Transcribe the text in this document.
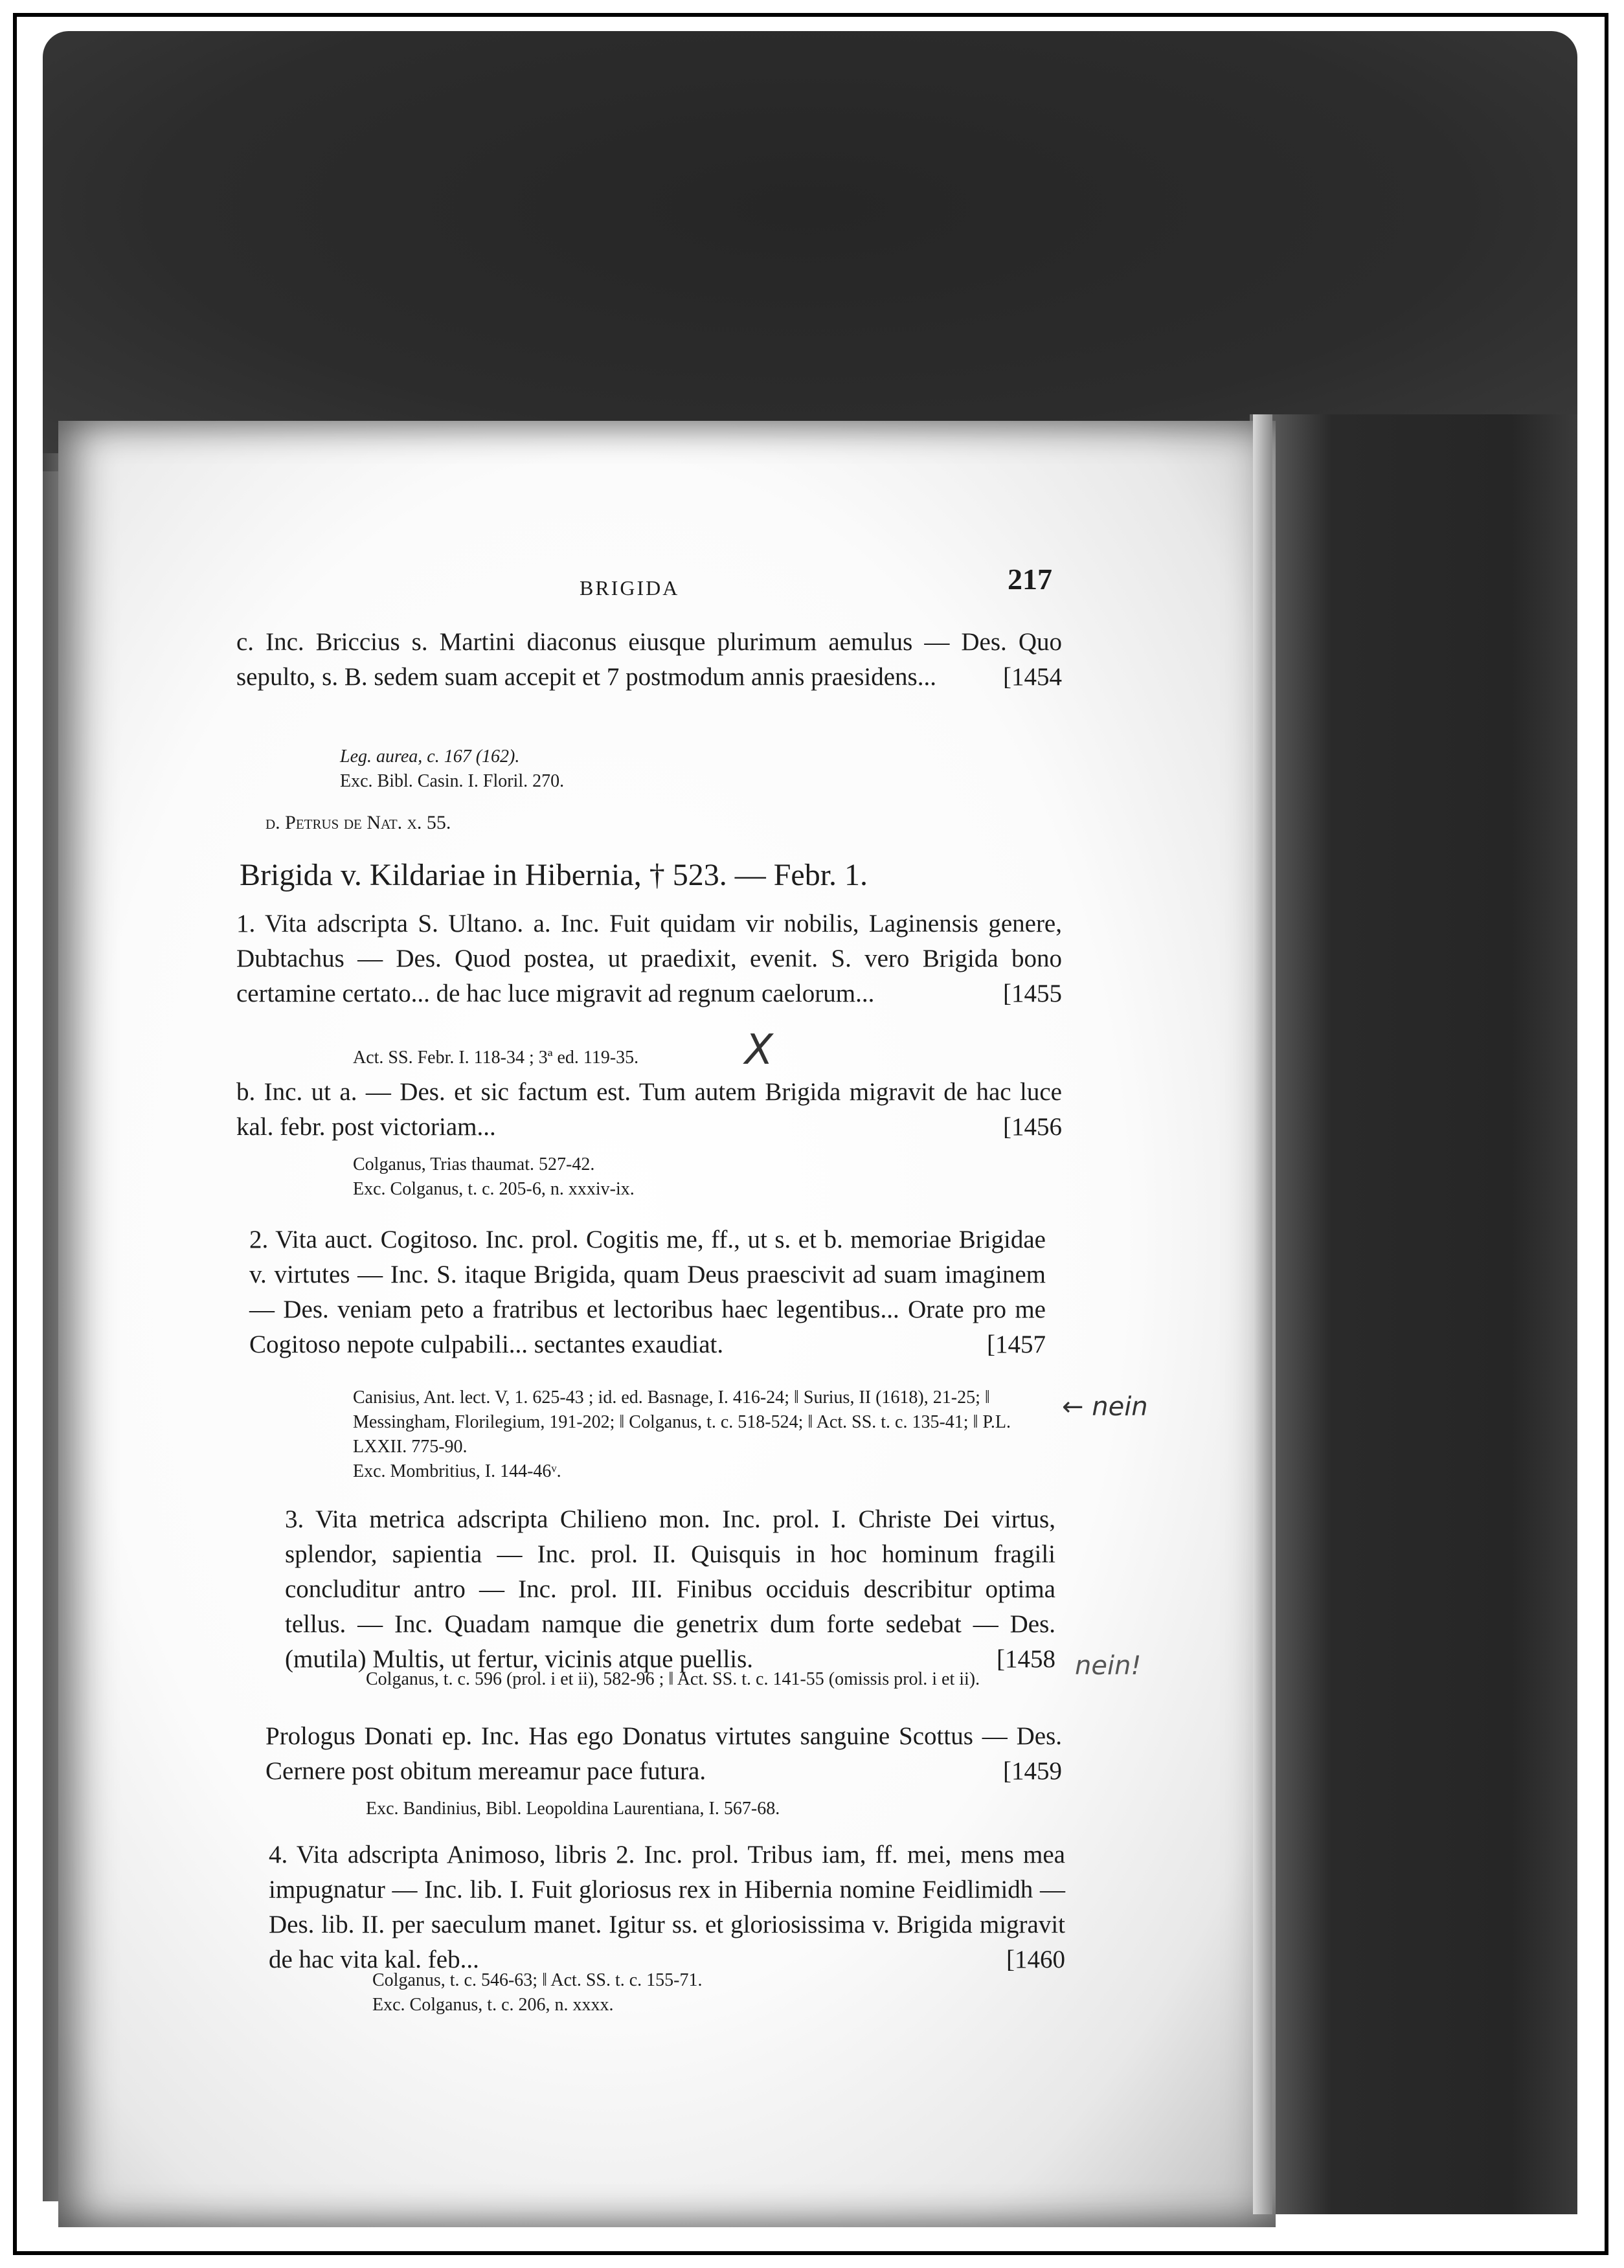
BRIGIDA	217

c. Inc. Briccius s. Martini diaconus eiusque plurimum aemulus — Des. Quo sepulto, s. B. sedem suam accepit et 7 postmodum annis praesidens...	[1454

Leg. aurea, c. 167 (162).

Exc. Bibl. Casin. I. Floril. 270.

d. Petrus de Nat. x. 55.

Brigida v. Kildariae in Hibernia, † 523. — Febr. 1.

1. Vita adscripta S. Ultano. a. Inc. Fuit quidam vir nobilis, Laginensis genere, Dubtachus — Des. Quod postea, ut praedixit, evenit. S. vero Brigida bono certamine certato... de hac luce migravit ad regnum caelorum...	[1455

Act. SS. Febr. I. 118-34 ; 3ª ed. 119-35.

b. Inc. ut a. — Des. et sic factum est. Tum autem Brigida migravit de hac luce kal. febr. post victoriam...	[1456

Colganus, Trias thaumat. 527-42.

Exc. Colganus, t. c. 205-6, n. xxxiv-ix.

2. Vita auct. Cogitoso. Inc. prol. Cogitis me, ff., ut s. et b. memoriae Brigidae v. virtutes — Inc. S. itaque Brigida, quam Deus praescivit ad suam imaginem — Des. veniam peto a fratribus et lectoribus haec legentibus... Orate pro me Cogitoso nepote culpabili... sectantes exaudiat.	[1457

Canisius, Ant. lect. V, 1. 625-43 ; id. ed. Basnage, I. 416-24; ‖ Surius, II (1618), 21-25; ‖ Messingham, Florilegium, 191-202; ‖ Colganus, t. c. 518-524; ‖ Act. SS. t. c. 135-41; ‖ P.L. LXXII. 775-90.

Exc. Mombritius, I. 144-46ᵛ.

3. Vita metrica adscripta Chilieno mon. Inc. prol. I. Christe Dei virtus, splendor, sapientia — Inc. prol. II. Quisquis in hoc hominum fragili concluditur antro — Inc. prol. III. Finibus occiduis describitur optima tellus. — Inc. Quadam namque die genetrix dum forte sedebat — Des. (mutila) Multis, ut fertur, vicinis atque puellis.	[1458

Colganus, t. c. 596 (prol. i et ii), 582-96 ; ‖ Act. SS. t. c. 141-55 (omissis prol. i et ii).

Prologus Donati ep. Inc. Has ego Donatus virtutes sanguine Scottus — Des. Cernere post obitum mereamur pace futura.	[1459

Exc. Bandinius, Bibl. Leopoldina Laurentiana, I. 567-68.

4. Vita adscripta Animoso, libris 2. Inc. prol. Tribus iam, ff. mei, mens mea impugnatur — Inc. lib. I. Fuit gloriosus rex in Hibernia nomine Feidlimidh — Des. lib. II. per saeculum manet. Igitur ss. et gloriosissima v. Brigida migravit de hac vita kal. feb...	[1460

Colganus, t. c. 546-63; ‖ Act. SS. t. c. 155-71.

Exc. Colganus, t. c. 206, n. xxxx.

X
← nein
nein!
